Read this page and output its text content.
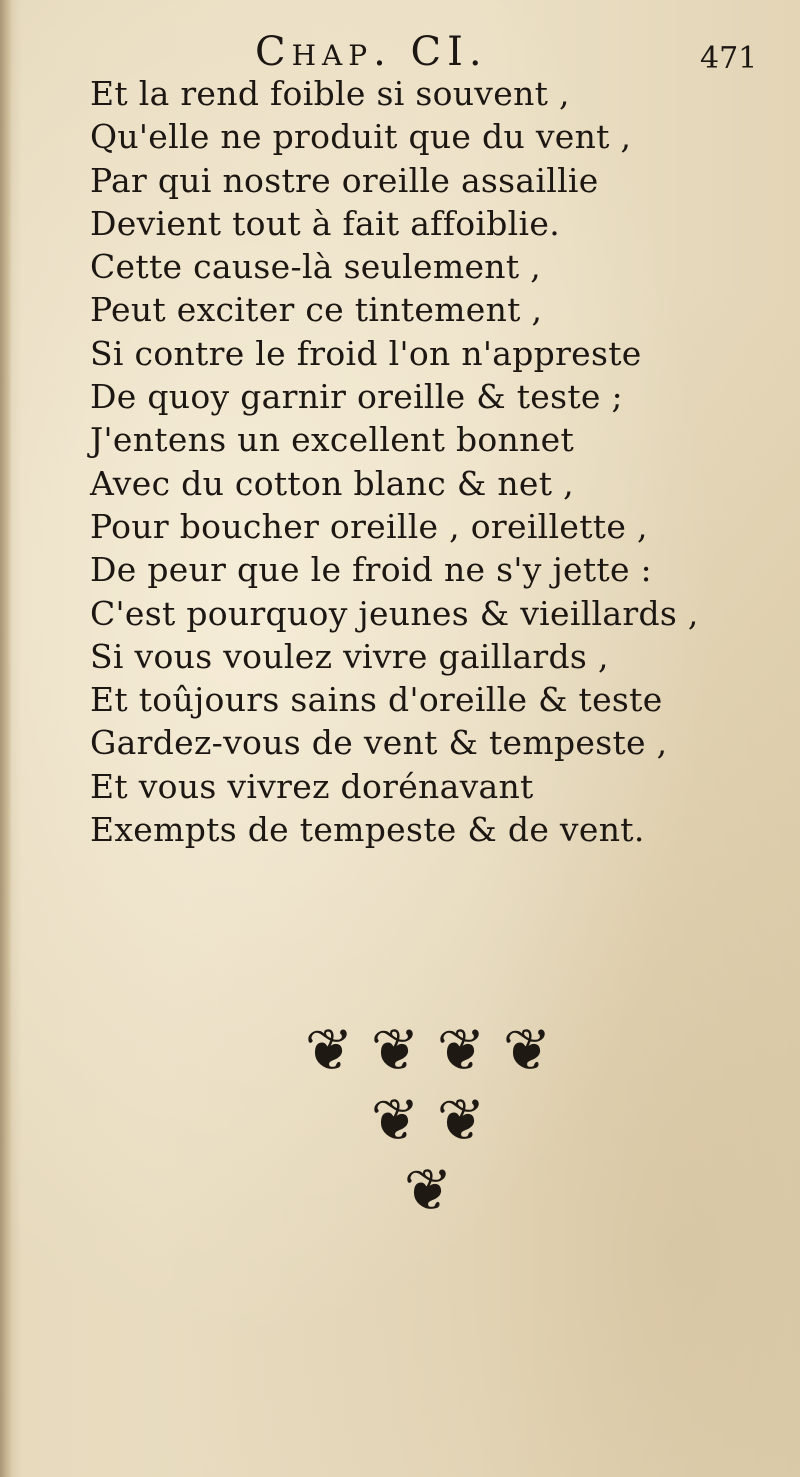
Chap. CI.	471
Et la rend foible si souvent ,
Qu'elle ne produit que du vent ,
Par qui nostre oreille assaillie
Devient tout à fait affoiblie.
Cette cause-là seulement ,
Peut exciter ce tintement ,
Si contre le froid l'on n'appreste
De quoy garnir oreille & teste ;
J'entens un excellent bonnet
Avec du cotton blanc & net ,
Pour boucher oreille , oreillette ,
De peur que le froid ne s'y jette :
C'est pourquoy jeunes & vieillards ,
Si vous voulez vivre gaillards ,
Et toûjours sains d'oreille & teste
Gardez-vous de vent & tempeste ,
Et vous vivrez dorénavant
Exempts de tempeste & de vent.
❦ ❦ ❦ ❦
❦ ❦
❦
